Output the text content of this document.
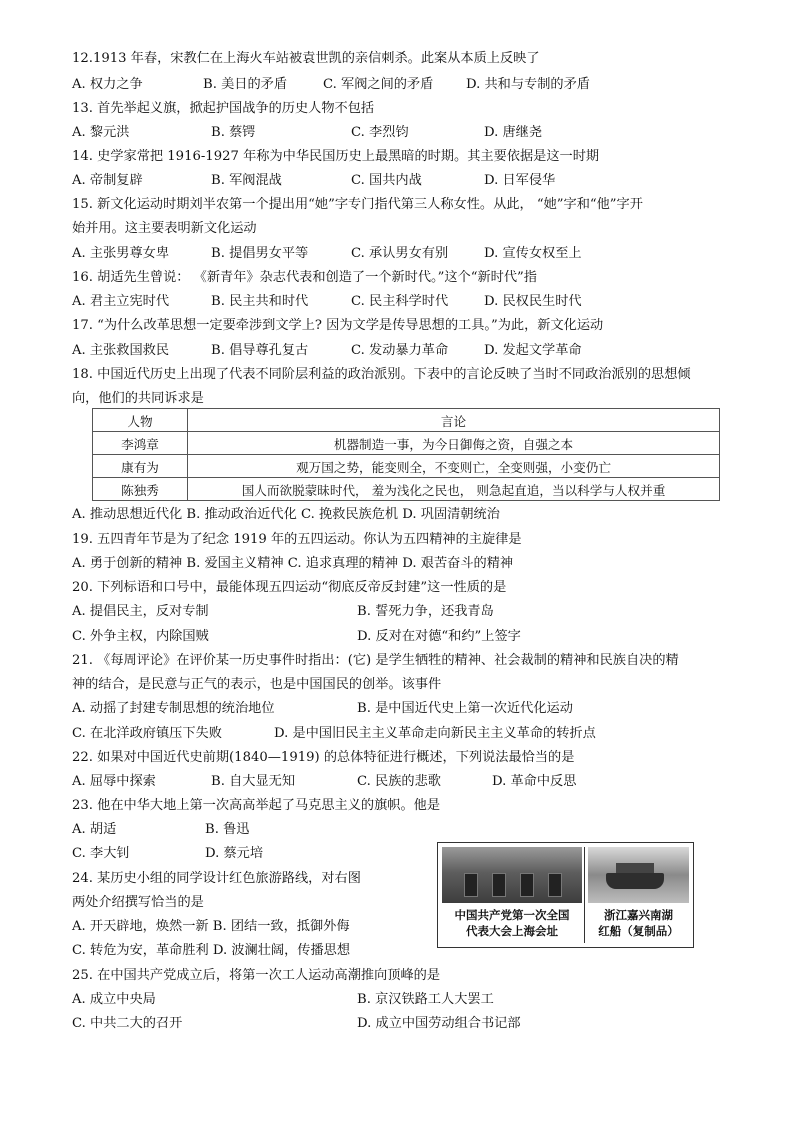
12.1913 年春，宋教仁在上海火车站被袁世凯的亲信刺杀。此案从本质上反映了
A. 权力之争	B. 美日的矛盾	C. 军阀之间的矛盾 D. 共和与专制的矛盾
13. 首先举起义旗，掀起护国战争的历史人物不包括
A. 黎元洪	B. 蔡锷	C. 李烈钧	D. 唐继尧
14. 史学家常把 1916-1927 年称为中华民国历史上最黑暗的时期。其主要依据是这一时期
A. 帝制复辟	B. 军阀混战	C. 国共内战	D. 日军侵华
15. 新文化运动时期刘半农第一个提出用“她”字专门指代第三人称女性。从此， “她”字和“他”字开
始并用。这主要表明新文化运动
A. 主张男尊女卑	B. 提倡男女平等	C. 承认男女有别	D. 宣传女权至上
16. 胡适先生曾说： 《新青年》杂志代表和创造了一个新时代。”这个“新时代”指
A. 君主立宪时代	B. 民主共和时代	C. 民主科学时代	D. 民权民生时代
17. “为什么改革思想一定要牵涉到文学上? 因为文学是传导思想的工具。”为此，新文化运动
A. 主张救国救民	B. 倡导尊孔复古	C. 发动暴力革命	D. 发起文学革命
18. 中国近代历史上出现了代表不同阶层利益的政治派别。下表中的言论反映了当时不同政治派别的思想倾
向，他们的共同诉求是
人物	言论
李鸿章	机器制造一事，为今日御侮之资，自强之本
康有为	观万国之势，能变则全，不变则亡，全变则强，小变仍亡
陈独秀	国人而欲脱蒙昧时代， 羞为浅化之民也， 则急起直追，当以科学与人权并重
A. 推动思想近代化 B. 推动政治近代化 C. 挽救民族危机 D. 巩固清朝统治
19. 五四青年节是为了纪念 1919 年的五四运动。你认为五四精神的主旋律是
A. 勇于创新的精神 B. 爱国主义精神 C. 追求真理的精神 D. 艰苦奋斗的精神
20. 下列标语和口号中，最能体现五四运动“彻底反帝反封建”这一性质的是
A. 提倡民主，反对专制	B. 誓死力争，还我青岛
C. 外争主权，内除国贼	D. 反对在对德“和约”上签字
21. 《每周评论》在评价某一历史事件时指出：(它) 是学生牺牲的精神、社会裁制的精神和民族自决的精
神的结合，是民意与正气的表示，也是中国国民的创举。该事件
A. 动摇了封建专制思想的统治地位	B. 是中国近代史上第一次近代化运动
C. 在北洋政府镇压下失败	D. 是中国旧民主主义革命走向新民主主义革命的转折点
22. 如果对中国近代史前期(1840—1919) 的总体特征进行概述，下列说法最恰当的是
A. 屈辱中探索	B. 自大显无知	C. 民族的悲歌	D. 革命中反思
23. 他在中华大地上第一次高高举起了马克思主义的旗帜。他是
A. 胡适	B. 鲁迅
C. 李大钊	D. 蔡元培
24. 某历史小组的同学设计红色旅游路线，对右图
两处介绍撰写恰当的是
A. 开天辟地，焕然一新 B. 团结一致，抵御外侮
C. 转危为安，革命胜利 D. 波澜壮阔，传播思想
中国共产党第一次全国
代表大会上海会址
浙江嘉兴南湖
红船（复制品）
25. 在中国共产党成立后，将第一次工人运动高潮推向顶峰的是
A. 成立中央局	B. 京汉铁路工人大罢工
C. 中共二大的召开	D. 成立中国劳动组合书记部
